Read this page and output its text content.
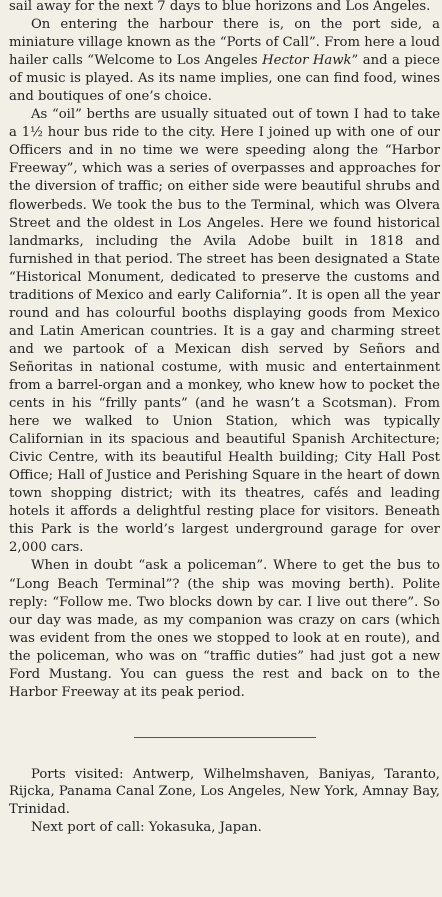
sail away for the next 7 days to blue horizons and Los Angeles.

On entering the harbour there is, on the port side, a miniature village known as the “Ports of Call”. From here a loud hailer calls “Welcome to Los Angeles Hector Hawk” and a piece of music is played. As its name implies, one can find food, wines and boutiques of one’s choice.

As “oil” berths are usually situated out of town I had to take a 1½ hour bus ride to the city. Here I joined up with one of our Officers and in no time we were speeding along the “Harbor Freeway”, which was a series of overpasses and approaches for the diversion of traffic; on either side were beautiful shrubs and flowerbeds. We took the bus to the Terminal, which was Olvera Street and the oldest in Los Angeles. Here we found historical landmarks, including the Avila Adobe built in 1818 and furnished in that period. The street has been designated a State “Historical Monument, dedicated to preserve the customs and traditions of Mexico and early California”. It is open all the year round and has colourful booths displaying goods from Mexico and Latin American countries. It is a gay and charming street and we partook of a Mexican dish served by Señors and Señoritas in national costume, with music and entertainment from a barrel-organ and a monkey, who knew how to pocket the cents in his “frilly pants” (and he wasn’t a Scotsman). From here we walked to Union Station, which was typically Californian in its spacious and beautiful Spanish Architecture; Civic Centre, with its beautiful Health building; City Hall Post Office; Hall of Justice and Perishing Square in the heart of down town shopping district; with its theatres, cafés and leading hotels it affords a delightful resting place for visitors. Beneath this Park is the world’s largest underground garage for over 2,000 cars.

When in doubt “ask a policeman”. Where to get the bus to “Long Beach Terminal”? (the ship was moving berth). Polite reply: “Follow me. Two blocks down by car. I live out there”. So our day was made, as my companion was crazy on cars (which was evident from the ones we stopped to look at en route), and the policeman, who was on “traffic duties” had just got a new Ford Mustang. You can guess the rest and back on to the Harbor Freeway at its peak period.

Ports visited: Antwerp, Wilhelmshaven, Baniyas, Taranto, Rijcka, Panama Canal Zone, Los Angeles, New York, Amnay Bay, Trinidad.

Next port of call: Yokasuka, Japan.
